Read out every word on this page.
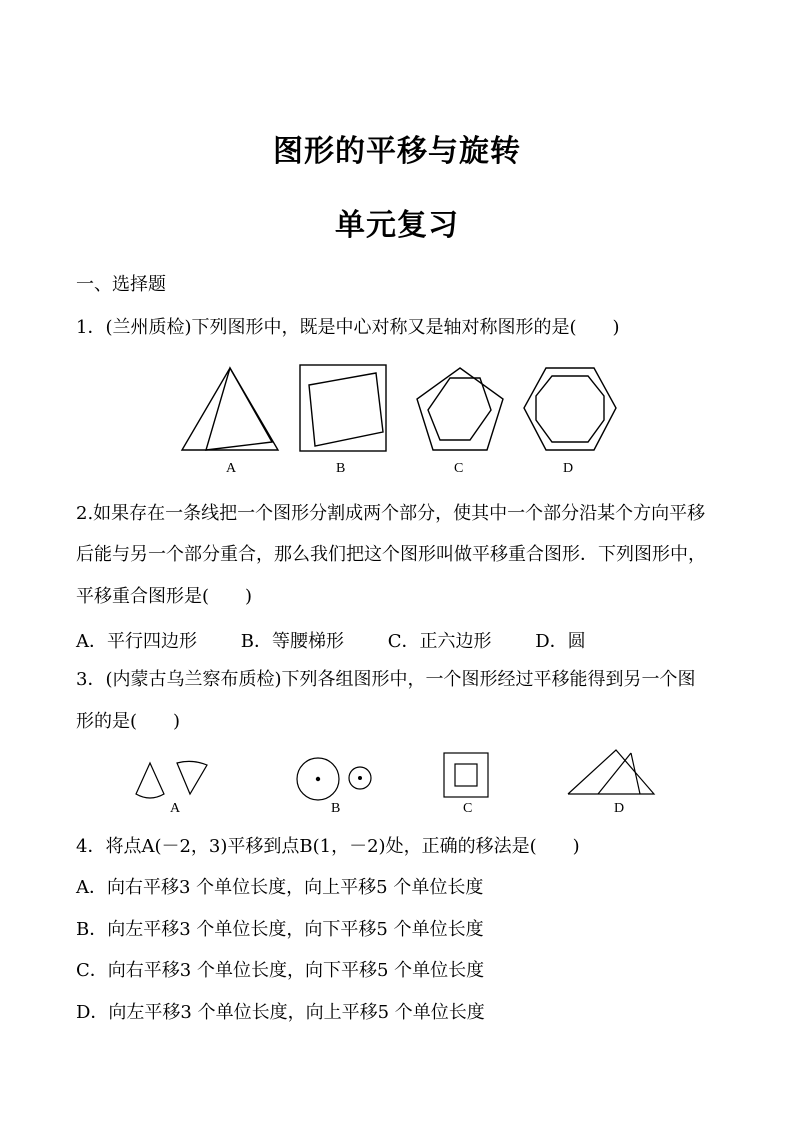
图形的平移与旋转
单元复习
一、选择题
1．(兰州质检)下列图形中，既是中心对称又是轴对称图形的是(　　)
A	B	C	D
2.如果存在一条线把一个图形分割成两个部分，使其中一个部分沿某个方向平移
后能与另一个部分重合，那么我们把这个图形叫做平移重合图形．下列图形中，
平移重合图形是(　　)
A．平行四边形 B．等腰梯形 C．正六边形 D．圆
3．(内蒙古乌兰察布质检)下列各组图形中，一个图形经过平移能得到另一个图
形的是(　　)
A	B	C	D
4．将点A(－2，3)平移到点B(1，－2)处，正确的移法是(　　)
A．向右平移3 个单位长度，向上平移5 个单位长度
B．向左平移3 个单位长度，向下平移5 个单位长度
C．向右平移3 个单位长度，向下平移5 个单位长度
D．向左平移3 个单位长度，向上平移5 个单位长度
